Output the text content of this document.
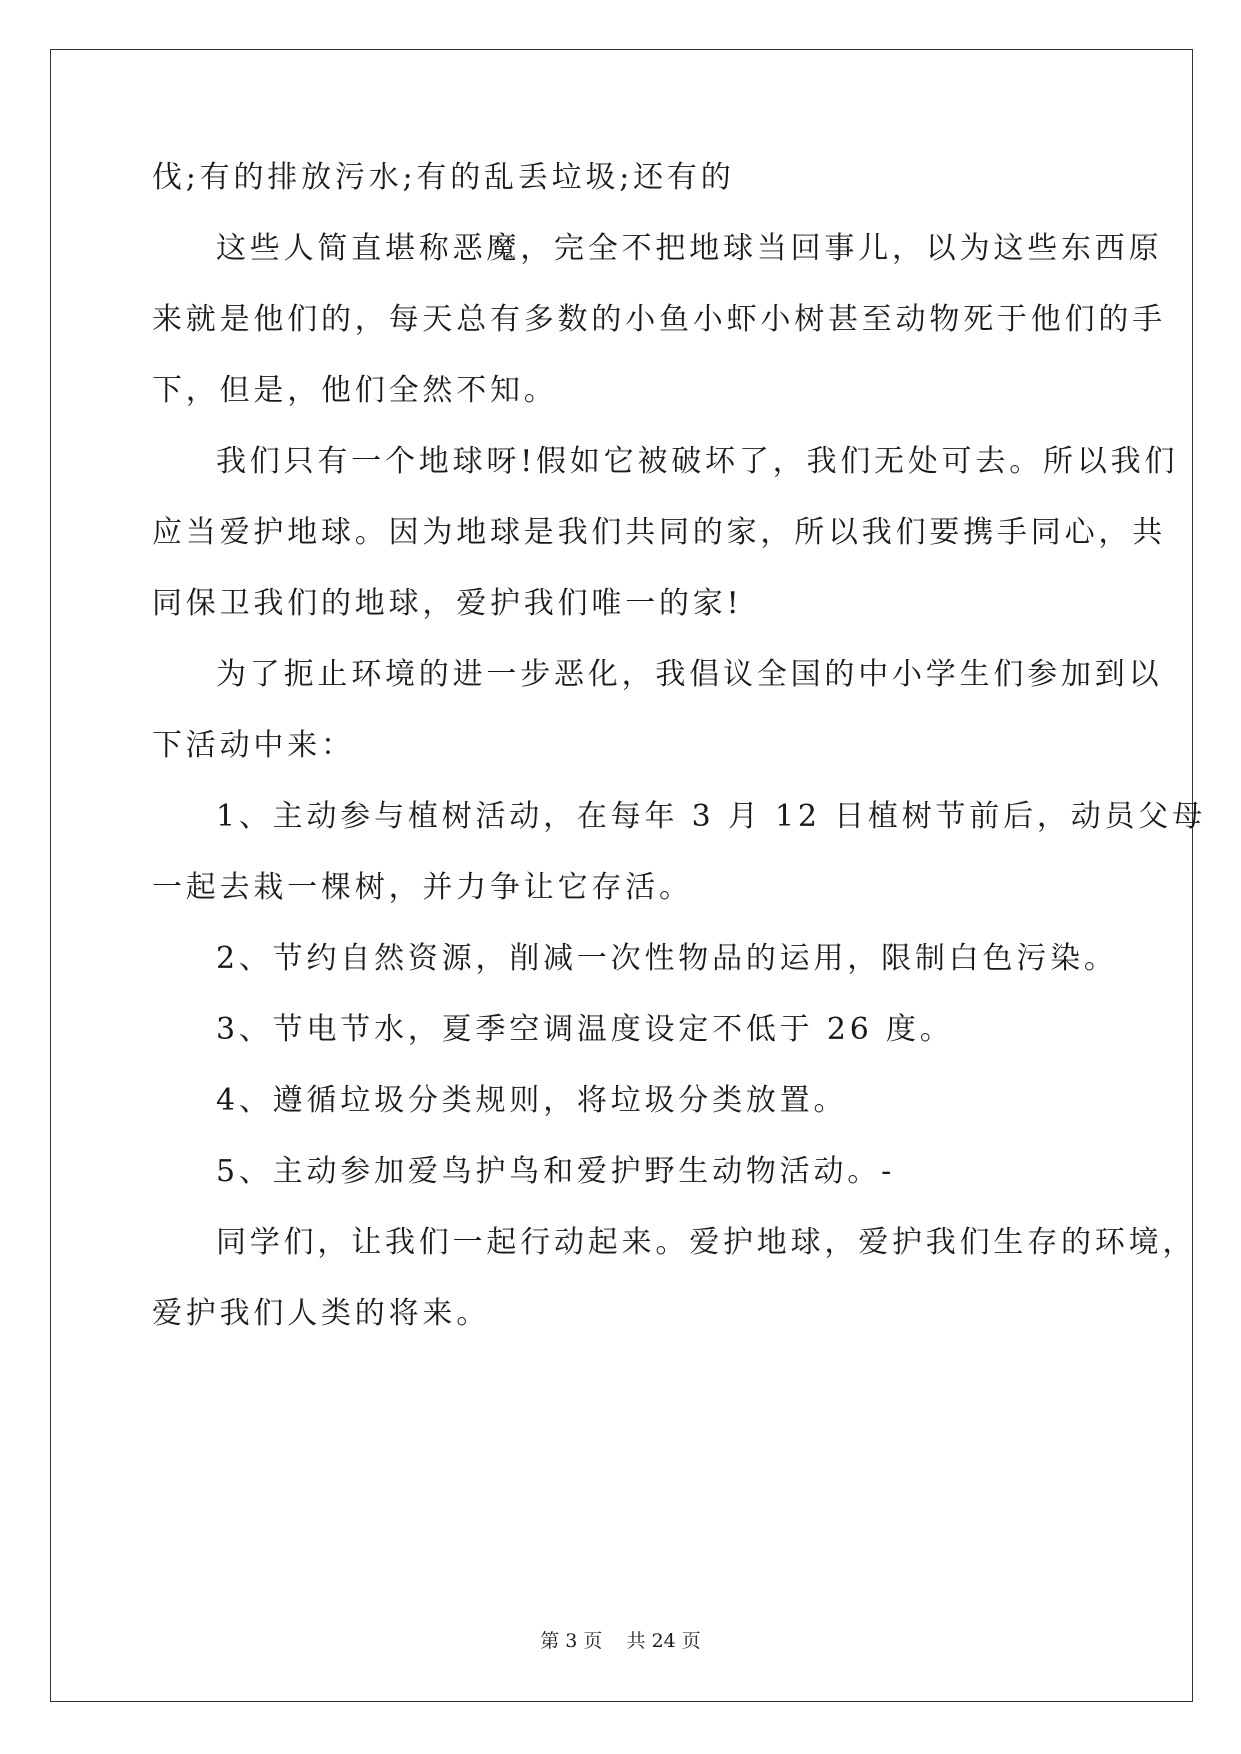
伐;有的排放污水;有的乱丢垃圾;还有的

这些人简直堪称恶魔，完全不把地球当回事儿，以为这些东西原

来就是他们的，每天总有多数的小鱼小虾小树甚至动物死于他们的手

下，但是，他们全然不知。

我们只有一个地球呀!假如它被破坏了，我们无处可去。所以我们

应当爱护地球。因为地球是我们共同的家，所以我们要携手同心，共

同保卫我们的地球，爱护我们唯一的家!

为了扼止环境的进一步恶化，我倡议全国的中小学生们参加到以

下活动中来：

1、主动参与植树活动，在每年 3 月 12 日植树节前后，动员父母

一起去栽一棵树，并力争让它存活。

2、节约自然资源，削减一次性物品的运用，限制白色污染。

3、节电节水，夏季空调温度设定不低于 26 度。

4、遵循垃圾分类规则，将垃圾分类放置。

5、主动参加爱鸟护鸟和爱护野生动物活动。-

同学们，让我们一起行动起来。爱护地球，爱护我们生存的环境，

爱护我们人类的将来。

第 3 页 共 24 页
